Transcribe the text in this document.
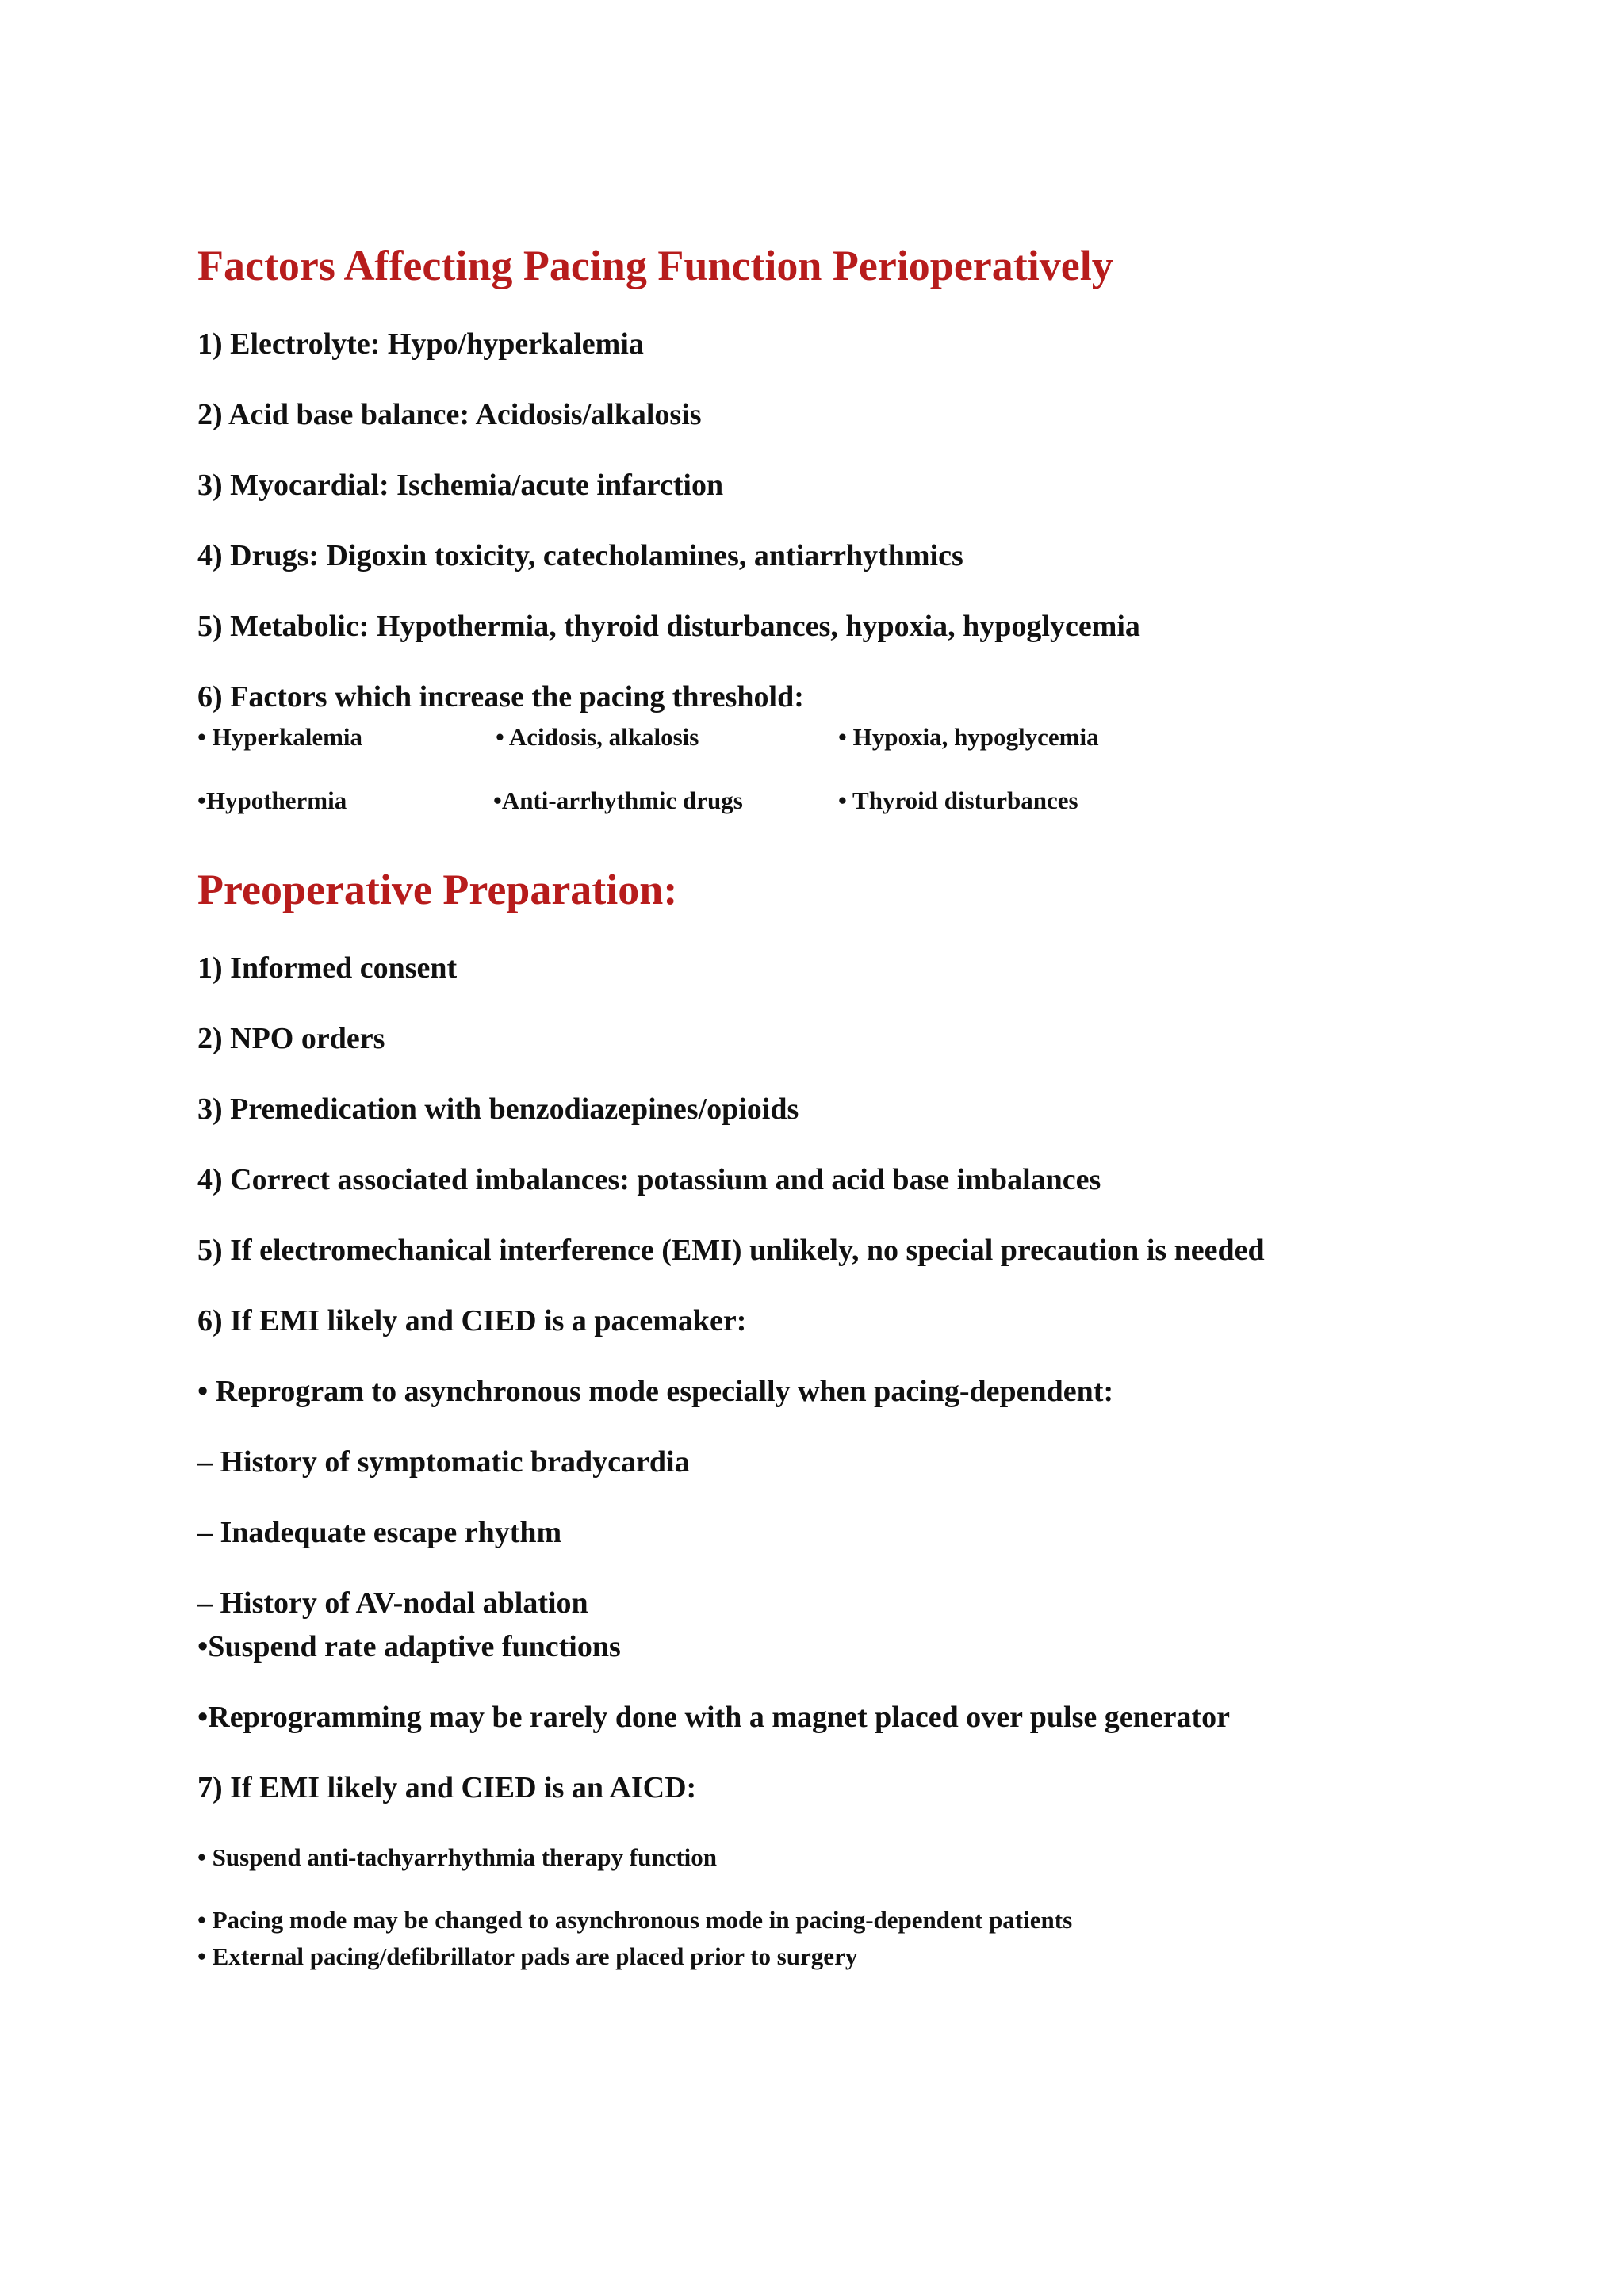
Factors Affecting Pacing Function Perioperatively

1) Electrolyte: Hypo/hyperkalemia

2) Acid base balance: Acidosis/alkalosis

3) Myocardial: Ischemia/acute infarction

4) Drugs: Digoxin toxicity, catecholamines, antiarrhythmics

5) Metabolic: Hypothermia, thyroid disturbances, hypoxia, hypoglycemia

6) Factors which increase the pacing threshold:

• Hyperkalemia	• Acidosis, alkalosis	• Hypoxia, hypoglycemia

•Hypothermia	•Anti-arrhythmic drugs	• Thyroid disturbances

Preoperative Preparation:

1) Informed consent

2) NPO orders

3) Premedication with benzodiazepines/opioids

4) Correct associated imbalances: potassium and acid base imbalances

5) If electromechanical interference (EMI) unlikely, no special precaution is needed

6) If EMI likely and CIED is a pacemaker:

• Reprogram to asynchronous mode especially when pacing-dependent:

– History of symptomatic bradycardia

– Inadequate escape rhythm

– History of AV-nodal ablation

•Suspend rate adaptive functions

•Reprogramming may be rarely done with a magnet placed over pulse generator

7) If EMI likely and CIED is an AICD:

• Suspend anti-tachyarrhythmia therapy function

• Pacing mode may be changed to asynchronous mode in pacing-dependent patients

• External pacing/defibrillator pads are placed prior to surgery
